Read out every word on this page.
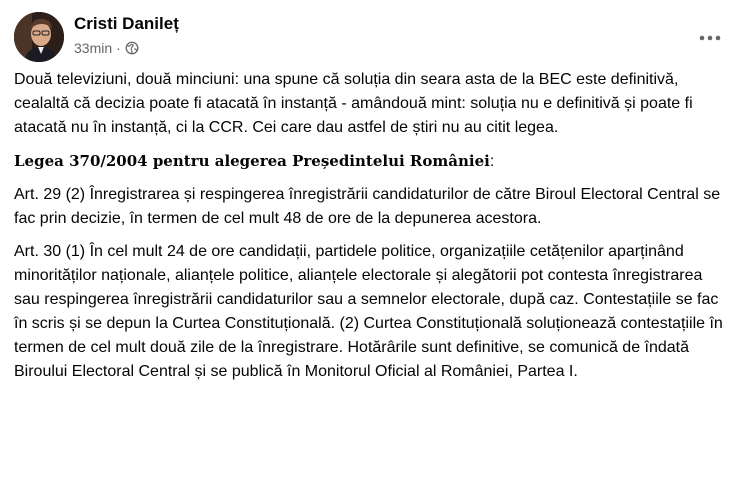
Cristi Danileț
33min ·

Două televiziuni, două minciuni: una spune că soluția din seara asta de la BEC este definitivă, cealaltă că decizia poate fi atacată în instanță - amândouă mint: soluția nu e definitivă și poate fi atacată nu în instanță, ci la CCR. Cei care dau astfel de știri nu au citit legea.

Legea 370/2004 pentru alegerea Președintelui României:

Art. 29 (2) Înregistrarea și respingerea înregistrării candidaturilor de către Biroul Electoral Central se fac prin decizie, în termen de cel mult 48 de ore de la depunerea acestora.

Art. 30 (1) În cel mult 24 de ore candidații, partidele politice, organizațiile cetățenilor aparținând minorităților naționale, alianțele politice, alianțele electorale și alegătorii pot contesta înregistrarea sau respingerea înregistrării candidaturilor sau a semnelor electorale, după caz. Contestațiile se fac în scris și se depun la Curtea Constituțională. (2) Curtea Constituțională soluționează contestațiile în termen de cel mult două zile de la înregistrare. Hotărârile sunt definitive, se comunică de îndată Biroului Electoral Central și se publică în Monitorul Oficial al României, Partea I.
